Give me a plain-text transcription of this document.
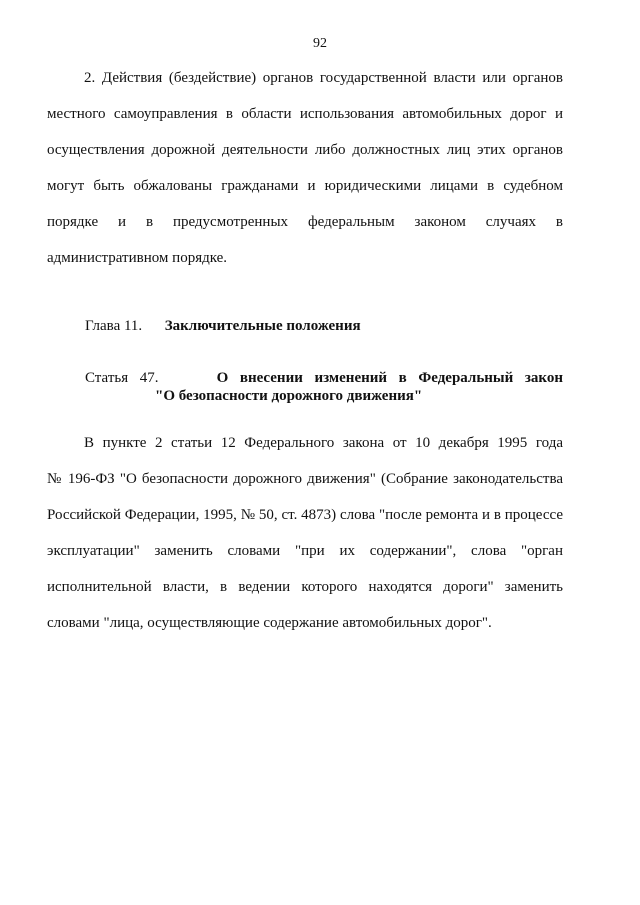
92
2. Действия (бездействие) органов государственной власти или органов
местного самоуправления в области использования автомобильных дорог и
осуществления дорожной деятельности либо должностных лиц этих органов
могут быть обжалованы гражданами и юридическими лицами в судебном
порядке и в предусмотренных федеральным законом случаях в
административном порядке.
Глава 11. Заключительные положения
Статья 47.	О внесении изменений в Федеральный закон
"О безопасности дорожного движения"
В пункте 2 статьи 12 Федерального закона от 10 декабря 1995 года
№ 196-ФЗ "О безопасности дорожного движения" (Собрание законодательства
Российской Федерации, 1995, № 50, ст. 4873) слова "после ремонта и в процессе
эксплуатации" заменить словами "при их содержании", слова "орган
исполнительной власти, в ведении которого находятся дороги" заменить
словами "лица, осуществляющие содержание автомобильных дорог".
